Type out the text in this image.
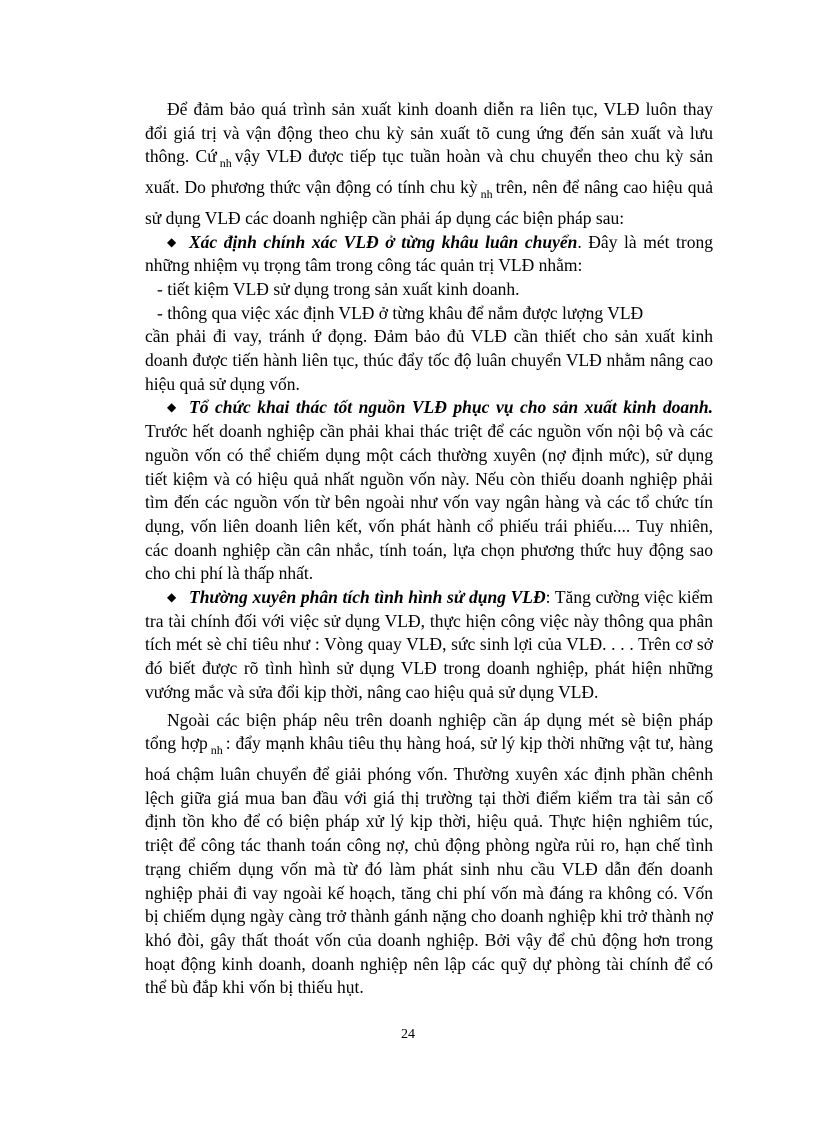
Để đảm bảo quá trình sản xuất kinh doanh diễn ra liên tục, VLĐ luôn thay đổi giá trị và vận động theo chu kỳ sản xuất tõ cung ứng đến sản xuất và lưu thông. Cứ $_{nh}$ vậy VLĐ được tiếp tục tuần hoàn và chu chuyển theo chu kỳ sản xuất. Do phương thức vận động có tính chu kỳ $_{nh}$ trên, nên để nâng cao hiệu quả sử dụng VLĐ các doanh nghiệp cần phải áp dụng các biện pháp sau:

◆ Xác định chính xác VLĐ ở từng khâu luân chuyển. Đây là mét trong những nhiệm vụ trọng tâm trong công tác quản trị VLĐ nhằm:

- tiết kiệm VLĐ sử dụng trong sản xuất kinh doanh.

- thông qua việc xác định VLĐ ở từng khâu để nắm được lượng VLĐ

cần phải đi vay, tránh ứ đọng. Đảm bảo đủ VLĐ cần thiết cho sản xuất kinh doanh được tiến hành liên tục, thúc đẩy tốc độ luân chuyển VLĐ nhằm nâng cao hiệu quả sử dụng vốn.

◆ Tổ chức khai thác tốt nguồn VLĐ phục vụ cho sản xuất kinh doanh. Trước hết doanh nghiệp cần phải khai thác triệt để các nguồn vốn nội bộ và các nguồn vốn có thể chiếm dụng một cách thường xuyên (nợ định mức), sử dụng tiết kiệm và có hiệu quả nhất nguồn vốn này. Nếu còn thiếu doanh nghiệp phải tìm đến các nguồn vốn từ bên ngoài như vốn vay ngân hàng và các tổ chức tín dụng, vốn liên doanh liên kết, vốn phát hành cổ phiếu trái phiếu.... Tuy nhiên, các doanh nghiệp cần cân nhắc, tính toán, lựa chọn phương thức huy động sao cho chi phí là thấp nhất.

◆ Thường xuyên phân tích tình hình sử dụng VLĐ: Tăng cường việc kiểm tra tài chính đối với việc sử dụng VLĐ, thực hiện công việc này thông qua phân tích mét sè chỉ tiêu như : Vòng quay VLĐ, sức sinh lợi của VLĐ. . . . Trên cơ sở đó biết được rõ tình hình sử dụng VLĐ trong doanh nghiệp, phát hiện những vướng mắc và sửa đổi kịp thời, nâng cao hiệu quả sử dụng VLĐ.

Ngoài các biện pháp nêu trên doanh nghiệp cần áp dụng mét sè biện pháp tổng hợp $_{nh}$ : đẩy mạnh khâu tiêu thụ hàng hoá, sử lý kịp thời những vật tư, hàng hoá chậm luân chuyển để giải phóng vốn. Thường xuyên xác định phần chênh lệch giữa giá mua ban đầu với giá thị trường tại thời điểm kiểm tra tài sản cố định tồn kho để có biện pháp xử lý kịp thời, hiệu quả. Thực hiện nghiêm túc, triệt để công tác thanh toán công nợ, chủ động phòng ngừa rủi ro, hạn chế tình trạng chiếm dụng vốn mà từ đó làm phát sinh nhu cầu VLĐ dẫn đến doanh nghiệp phải đi vay ngoài kế hoạch, tăng chi phí vốn mà đáng ra không có. Vốn bị chiếm dụng ngày càng trở thành gánh nặng cho doanh nghiệp khi trở thành nợ khó đòi, gây thất thoát vốn của doanh nghiệp. Bởi vậy để chủ động hơn trong hoạt động kinh doanh, doanh nghiệp nên lập các quỹ dự phòng tài chính để có thể bù đắp khi vốn bị thiếu hụt.

24
